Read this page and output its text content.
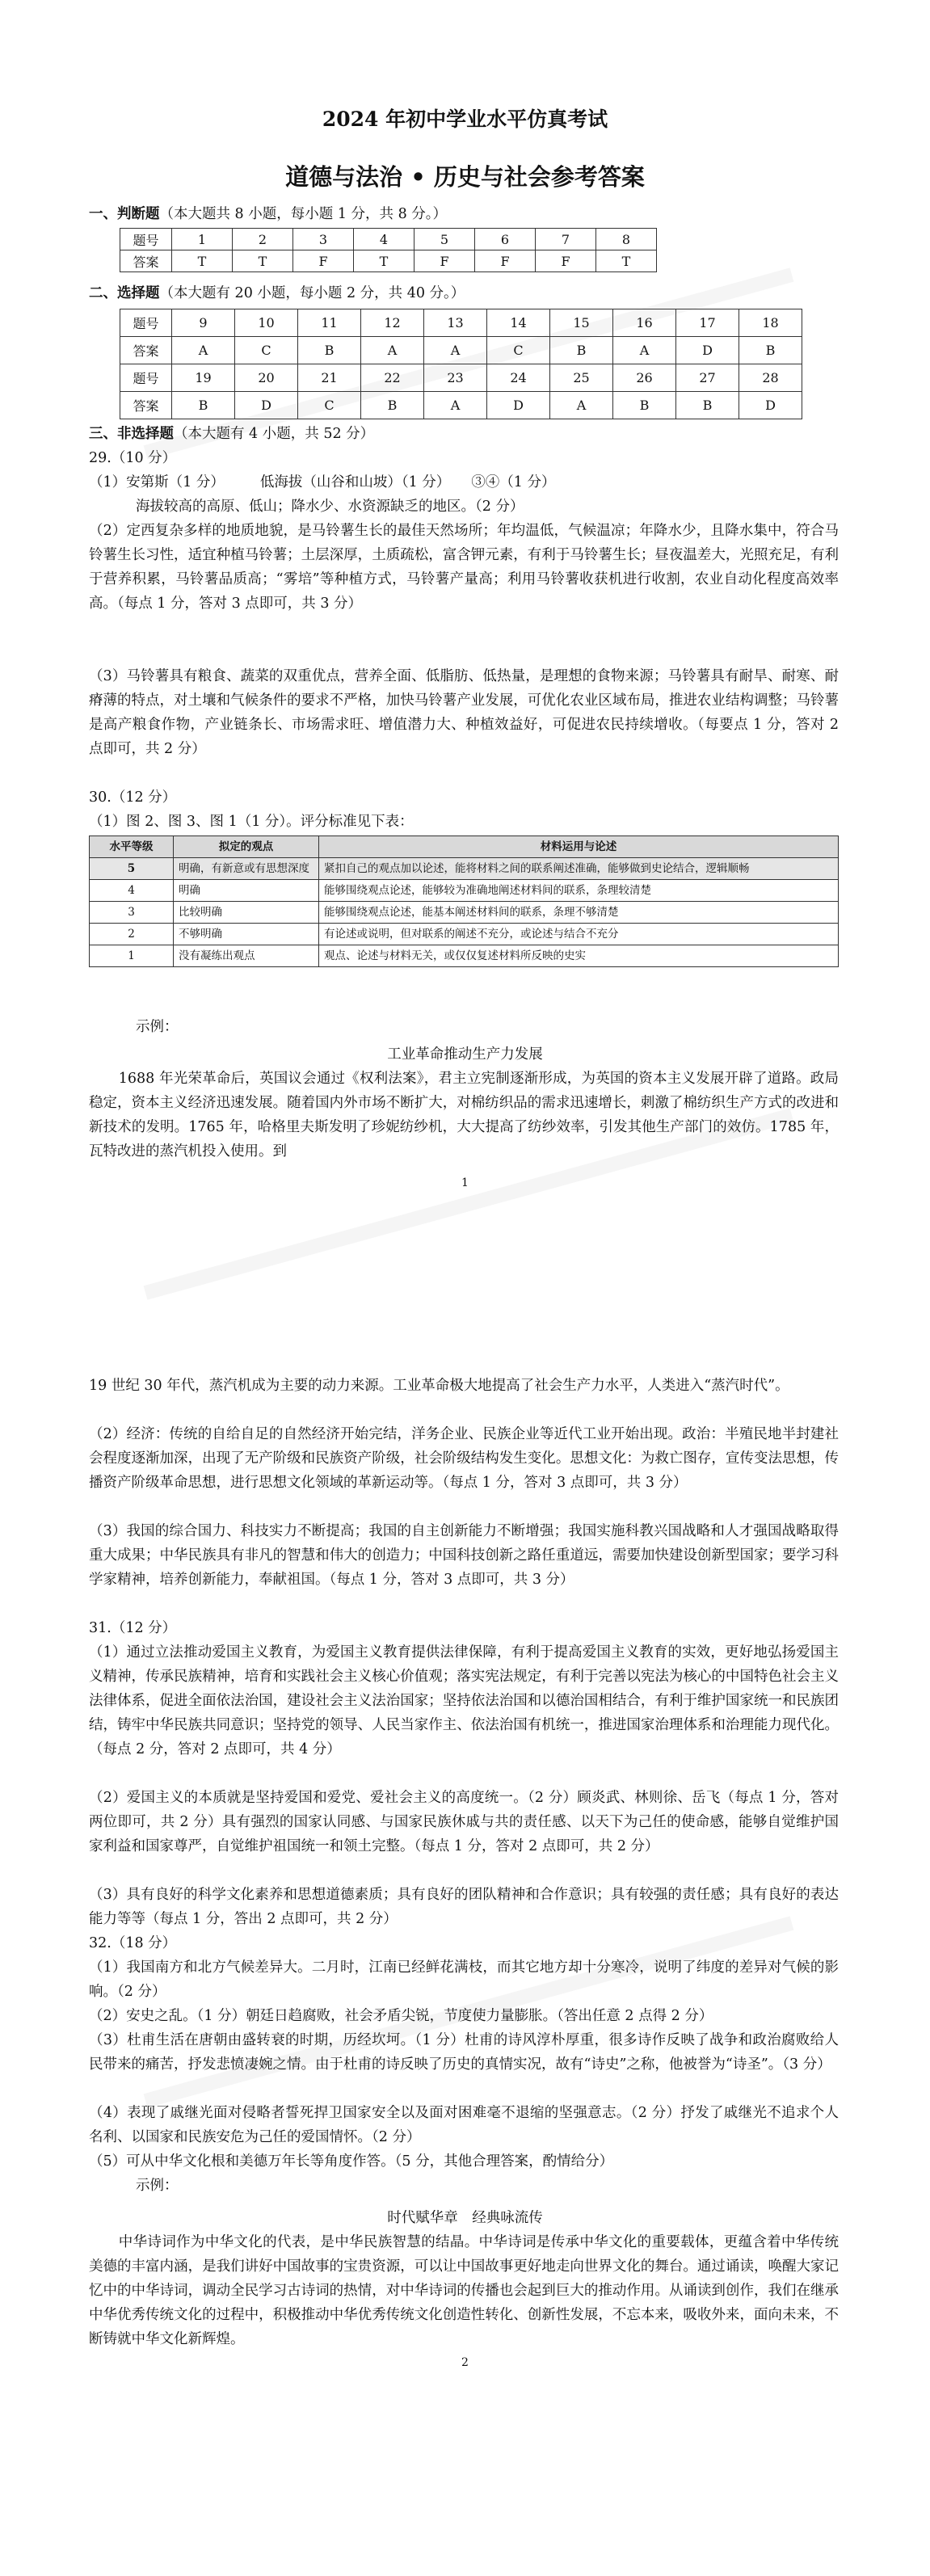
2024 年初中学业水平仿真考试
道德与法治 • 历史与社会参考答案
一、判断题（本大题共 8 小题，每小题 1 分，共 8 分。）
题号	1	2	3	4	5	6	7	8
答案	T	T	F	T	F	F	F	T
二、选择题（本大题有 20 小题，每小题 2 分，共 40 分。）
题号	9	10	11	12	13	14	15	16	17	18
答案	A	C	B	A	A	C	B	A	D	B
题号	19	20	21	22	23	24	25	26	27	28
答案	B	D	C	B	A	D	A	B	B	D
三、非选择题（本大题有 4 小题，共 52 分）
29.（10 分）
（1）安第斯（1 分）	低海拔（山谷和山坡）（1 分） ③④（1 分）
海拔较高的高原、低山；降水少、水资源缺乏的地区。（2 分）

（2）定西复杂多样的地质地貌，是马铃薯生长的最佳天然场所；年均温低，气候温凉；年降水少，且降水集中，符合马铃薯生长习性，适宜种植马铃薯；土层深厚，土质疏松，富含钾元素，有利于马铃薯生长；昼夜温差大，光照充足，有利于营养积累，马铃薯品质高；“雾培”等种植方式，马铃薯产量高；利用马铃薯收获机进行收割，农业自动化程度高效率高。（每点 1 分，答对 3 点即可，共 3 分）

（3）马铃薯具有粮食、蔬菜的双重优点，营养全面、低脂肪、低热量，是理想的食物来源；马铃薯具有耐旱、耐寒、耐瘠薄的特点，对土壤和气候条件的要求不严格，加快马铃薯产业发展，可优化农业区域布局，推进农业结构调整；马铃薯是高产粮食作物，产业链条长、市场需求旺、增值潜力大、种植效益好，可促进农民持续增收。（每要点 1 分，答对 2 点即可，共 2 分）

30.（12 分）
（1）图 2、图 3、图 1（1 分）。评分标准见下表：
水平等级	拟定的观点	材料运用与论述
5	明确，有新意或有思想深度	紧扣自己的观点加以论述，能将材料之间的联系阐述准确，能够做到史论结合，逻辑顺畅
4	明确	能够围绕观点论述，能够较为准确地阐述材料间的联系，条理较清楚
3	比较明确	能够围绕观点论述，能基本阐述材料间的联系，条理不够清楚
2	不够明确	有论述或说明，但对联系的阐述不充分，或论述与结合不充分
1	没有凝练出观点	观点、论述与材料无关，或仅仅复述材料所反映的史实
示例：
工业革命推动生产力发展

1688 年光荣革命后，英国议会通过《权利法案》，君主立宪制逐渐形成，为英国的资本主义发展开辟了道路。政局稳定，资本主义经济迅速发展。随着国内外市场不断扩大，对棉纺织品的需求迅速增长，刺激了棉纺织生产方式的改进和新技术的发明。1765 年，哈格里夫斯发明了珍妮纺纱机，大大提高了纺纱效率，引发其他生产部门的效仿。1785 年，瓦特改进的蒸汽机投入使用。到

1

19 世纪 30 年代，蒸汽机成为主要的动力来源。工业革命极大地提高了社会生产力水平，人类进入“蒸汽时代”。

（2）经济：传统的自给自足的自然经济开始完结，洋务企业、民族企业等近代工业开始出现。政治：半殖民地半封建社会程度逐渐加深，出现了无产阶级和民族资产阶级，社会阶级结构发生变化。思想文化：为救亡图存，宣传变法思想，传播资产阶级革命思想，进行思想文化领域的革新运动等。（每点 1 分，答对 3 点即可，共 3 分）

（3）我国的综合国力、科技实力不断提高；我国的自主创新能力不断增强；我国实施科教兴国战略和人才强国战略取得重大成果；中华民族具有非凡的智慧和伟大的创造力；中国科技创新之路任重道远，需要加快建设创新型国家；要学习科学家精神，培养创新能力，奉献祖国。（每点 1 分，答对 3 点即可，共 3 分）

31.（12 分）

（1）通过立法推动爱国主义教育，为爱国主义教育提供法律保障，有利于提高爱国主义教育的实效，更好地弘扬爱国主义精神，传承民族精神，培育和实践社会主义核心价值观；落实宪法规定，有利于完善以宪法为核心的中国特色社会主义法律体系，促进全面依法治国，建设社会主义法治国家；坚持依法治国和以德治国相结合，有利于维护国家统一和民族团结，铸牢中华民族共同意识；坚持党的领导、人民当家作主、依法治国有机统一，推进国家治理体系和治理能力现代化。（每点 2 分，答对 2 点即可，共 4 分）

（2）爱国主义的本质就是坚持爱国和爱党、爱社会主义的高度统一。（2 分）顾炎武、林则徐、岳飞（每点 1 分，答对两位即可，共 2 分）具有强烈的国家认同感、与国家民族休戚与共的责任感、以天下为己任的使命感，能够自觉维护国家利益和国家尊严，自觉维护祖国统一和领土完整。（每点 1 分，答对 2 点即可，共 2 分）

（3）具有良好的科学文化素养和思想道德素质；具有良好的团队精神和合作意识；具有较强的责任感；具有良好的表达能力等等（每点 1 分，答出 2 点即可，共 2 分）

32.（18 分）

（1）我国南方和北方气候差异大。二月时，江南已经鲜花满枝，而其它地方却十分寒冷，说明了纬度的差异对气候的影响。（2 分）

（2）安史之乱。（1 分）朝廷日趋腐败，社会矛盾尖锐，节度使力量膨胀。（答出任意 2 点得 2 分）

（3）杜甫生活在唐朝由盛转衰的时期，历经坎坷。（1 分）杜甫的诗风淳朴厚重，很多诗作反映了战争和政治腐败给人民带来的痛苦，抒发悲愤凄婉之情。由于杜甫的诗反映了历史的真情实况，故有“诗史”之称，他被誉为“诗圣”。（3 分）

（4）表现了戚继光面对侵略者誓死捍卫国家安全以及面对困难毫不退缩的坚强意志。（2 分）抒发了戚继光不追求个人名利、以国家和民族安危为己任的爱国情怀。（2 分）

（5）可从中华文化根和美德万年长等角度作答。（5 分，其他合理答案，酌情给分）

示例：
时代赋华章　经典咏流传

中华诗词作为中华文化的代表，是中华民族智慧的结晶。中华诗词是传承中华文化的重要载体，更蕴含着中华传统美德的丰富内涵，是我们讲好中国故事的宝贵资源，可以让中国故事更好地走向世界文化的舞台。通过诵读，唤醒大家记忆中的中华诗词，调动全民学习古诗词的热情，对中华诗词的传播也会起到巨大的推动作用。从诵读到创作，我们在继承中华优秀传统文化的过程中，积极推动中华优秀传统文化创造性转化、创新性发展，不忘本来，吸收外来，面向未来，不断铸就中华文化新辉煌。

2
